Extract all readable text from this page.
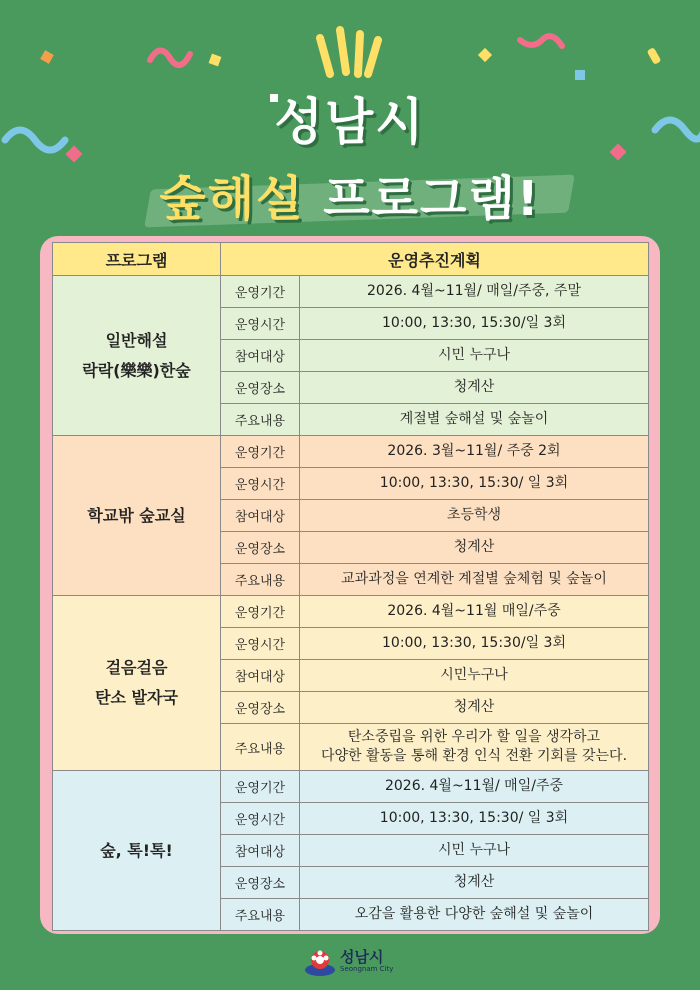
성남시
숲해설 프로그램!
프로그램	운영추진계획	

일반해설
락락(樂樂)한숲	운영기간	2026. 4월~11월/ 매일/주중, 주말
	운영시간	10:00, 13:30, 15:30/일 3회
	참여대상	시민 누구나
	운영장소	청계산
	주요내용	계절별 숲해설 및 숲놀이

학교밖 숲교실	운영기간	2026. 3월~11월/ 주중 2회
	운영시간	10:00, 13:30, 15:30/ 일 3회
	참여대상	초등학생
	운영장소	청계산
	주요내용	교과과정을 연계한 계절별 숲체험 및 숲놀이

걸음걸음
탄소 발자국	운영기간	2026. 4월~11월 매일/주중
	운영시간	10:00, 13:30, 15:30/일 3회
	참여대상	시민누구나
	운영장소	청계산
	주요내용	탄소중립을 위한 우리가 할 일을 생각하고
다양한 활동을 통해 환경 인식 전환 기회를 갖는다.

숲, 톡!톡!	운영기간	2026. 4월~11월/ 매일/주중
	운영시간	10:00, 13:30, 15:30/ 일 3회
	참여대상	시민 누구나
	운영장소	청계산
	주요내용	오감을 활용한 다양한 숲해설 및 숲놀이
성남시
Seongnam City
